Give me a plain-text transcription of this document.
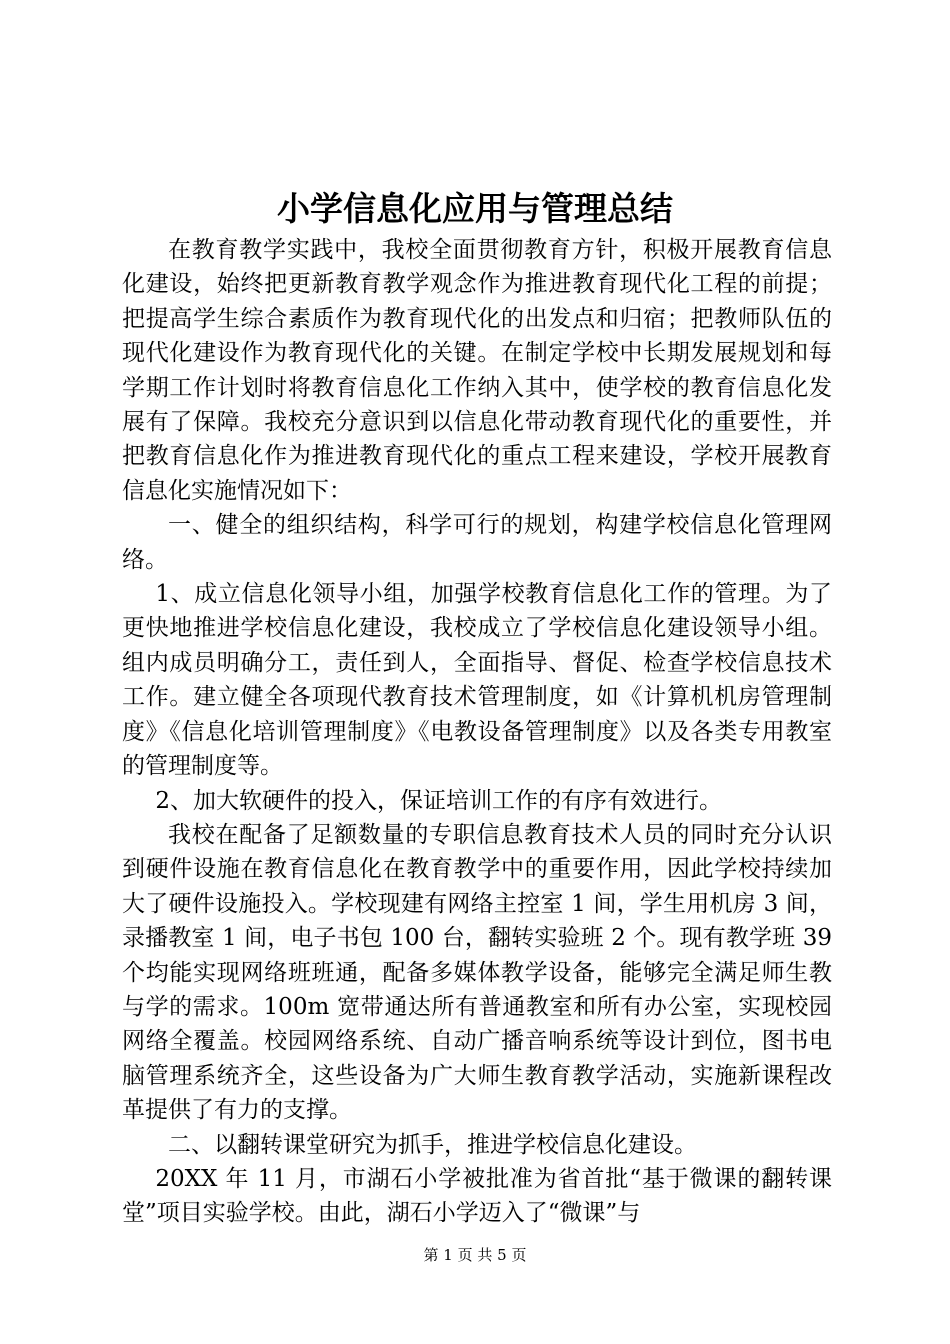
小学信息化应用与管理总结

在教育教学实践中，我校全面贯彻教育方针，积极开展教育信息化建设，始终把更新教育教学观念作为推进教育现代化工程的前提；把提高学生综合素质作为教育现代化的出发点和归宿；把教师队伍的现代化建设作为教育现代化的关键。在制定学校中长期发展规划和每学期工作计划时将教育信息化工作纳入其中，使学校的教育信息化发展有了保障。我校充分意识到以信息化带动教育现代化的重要性，并把教育信息化作为推进教育现代化的重点工程来建设，学校开展教育信息化实施情况如下：

一、健全的组织结构，科学可行的规划，构建学校信息化管理网络。

1、成立信息化领导小组，加强学校教育信息化工作的管理。为了更快地推进学校信息化建设，我校成立了学校信息化建设领导小组。组内成员明确分工，责任到人，全面指导、督促、检查学校信息技术工作。建立健全各项现代教育技术管理制度，如《计算机机房管理制度》《信息化培训管理制度》《电教设备管理制度》以及各类专用教室的管理制度等。

2、加大软硬件的投入，保证培训工作的有序有效进行。

我校在配备了足额数量的专职信息教育技术人员的同时充分认识到硬件设施在教育信息化在教育教学中的重要作用，因此学校持续加大了硬件设施投入。学校现建有网络主控室 1 间，学生用机房 3 间，录播教室 1 间，电子书包 100 台，翻转实验班 2 个。现有教学班 39 个均能实现网络班班通，配备多媒体教学设备，能够完全满足师生教与学的需求。100m 宽带通达所有普通教室和所有办公室，实现校园网络全覆盖。校园网络系统、自动广播音响系统等设计到位，图书电脑管理系统齐全，这些设备为广大师生教育教学活动，实施新课程改革提供了有力的支撑。

二、以翻转课堂研究为抓手，推进学校信息化建设。

20XX 年 11 月，市湖石小学被批准为省首批“基于微课的翻转课堂”项目实验学校。由此，湖石小学迈入了“微课”与

第 1 页 共 5 页
